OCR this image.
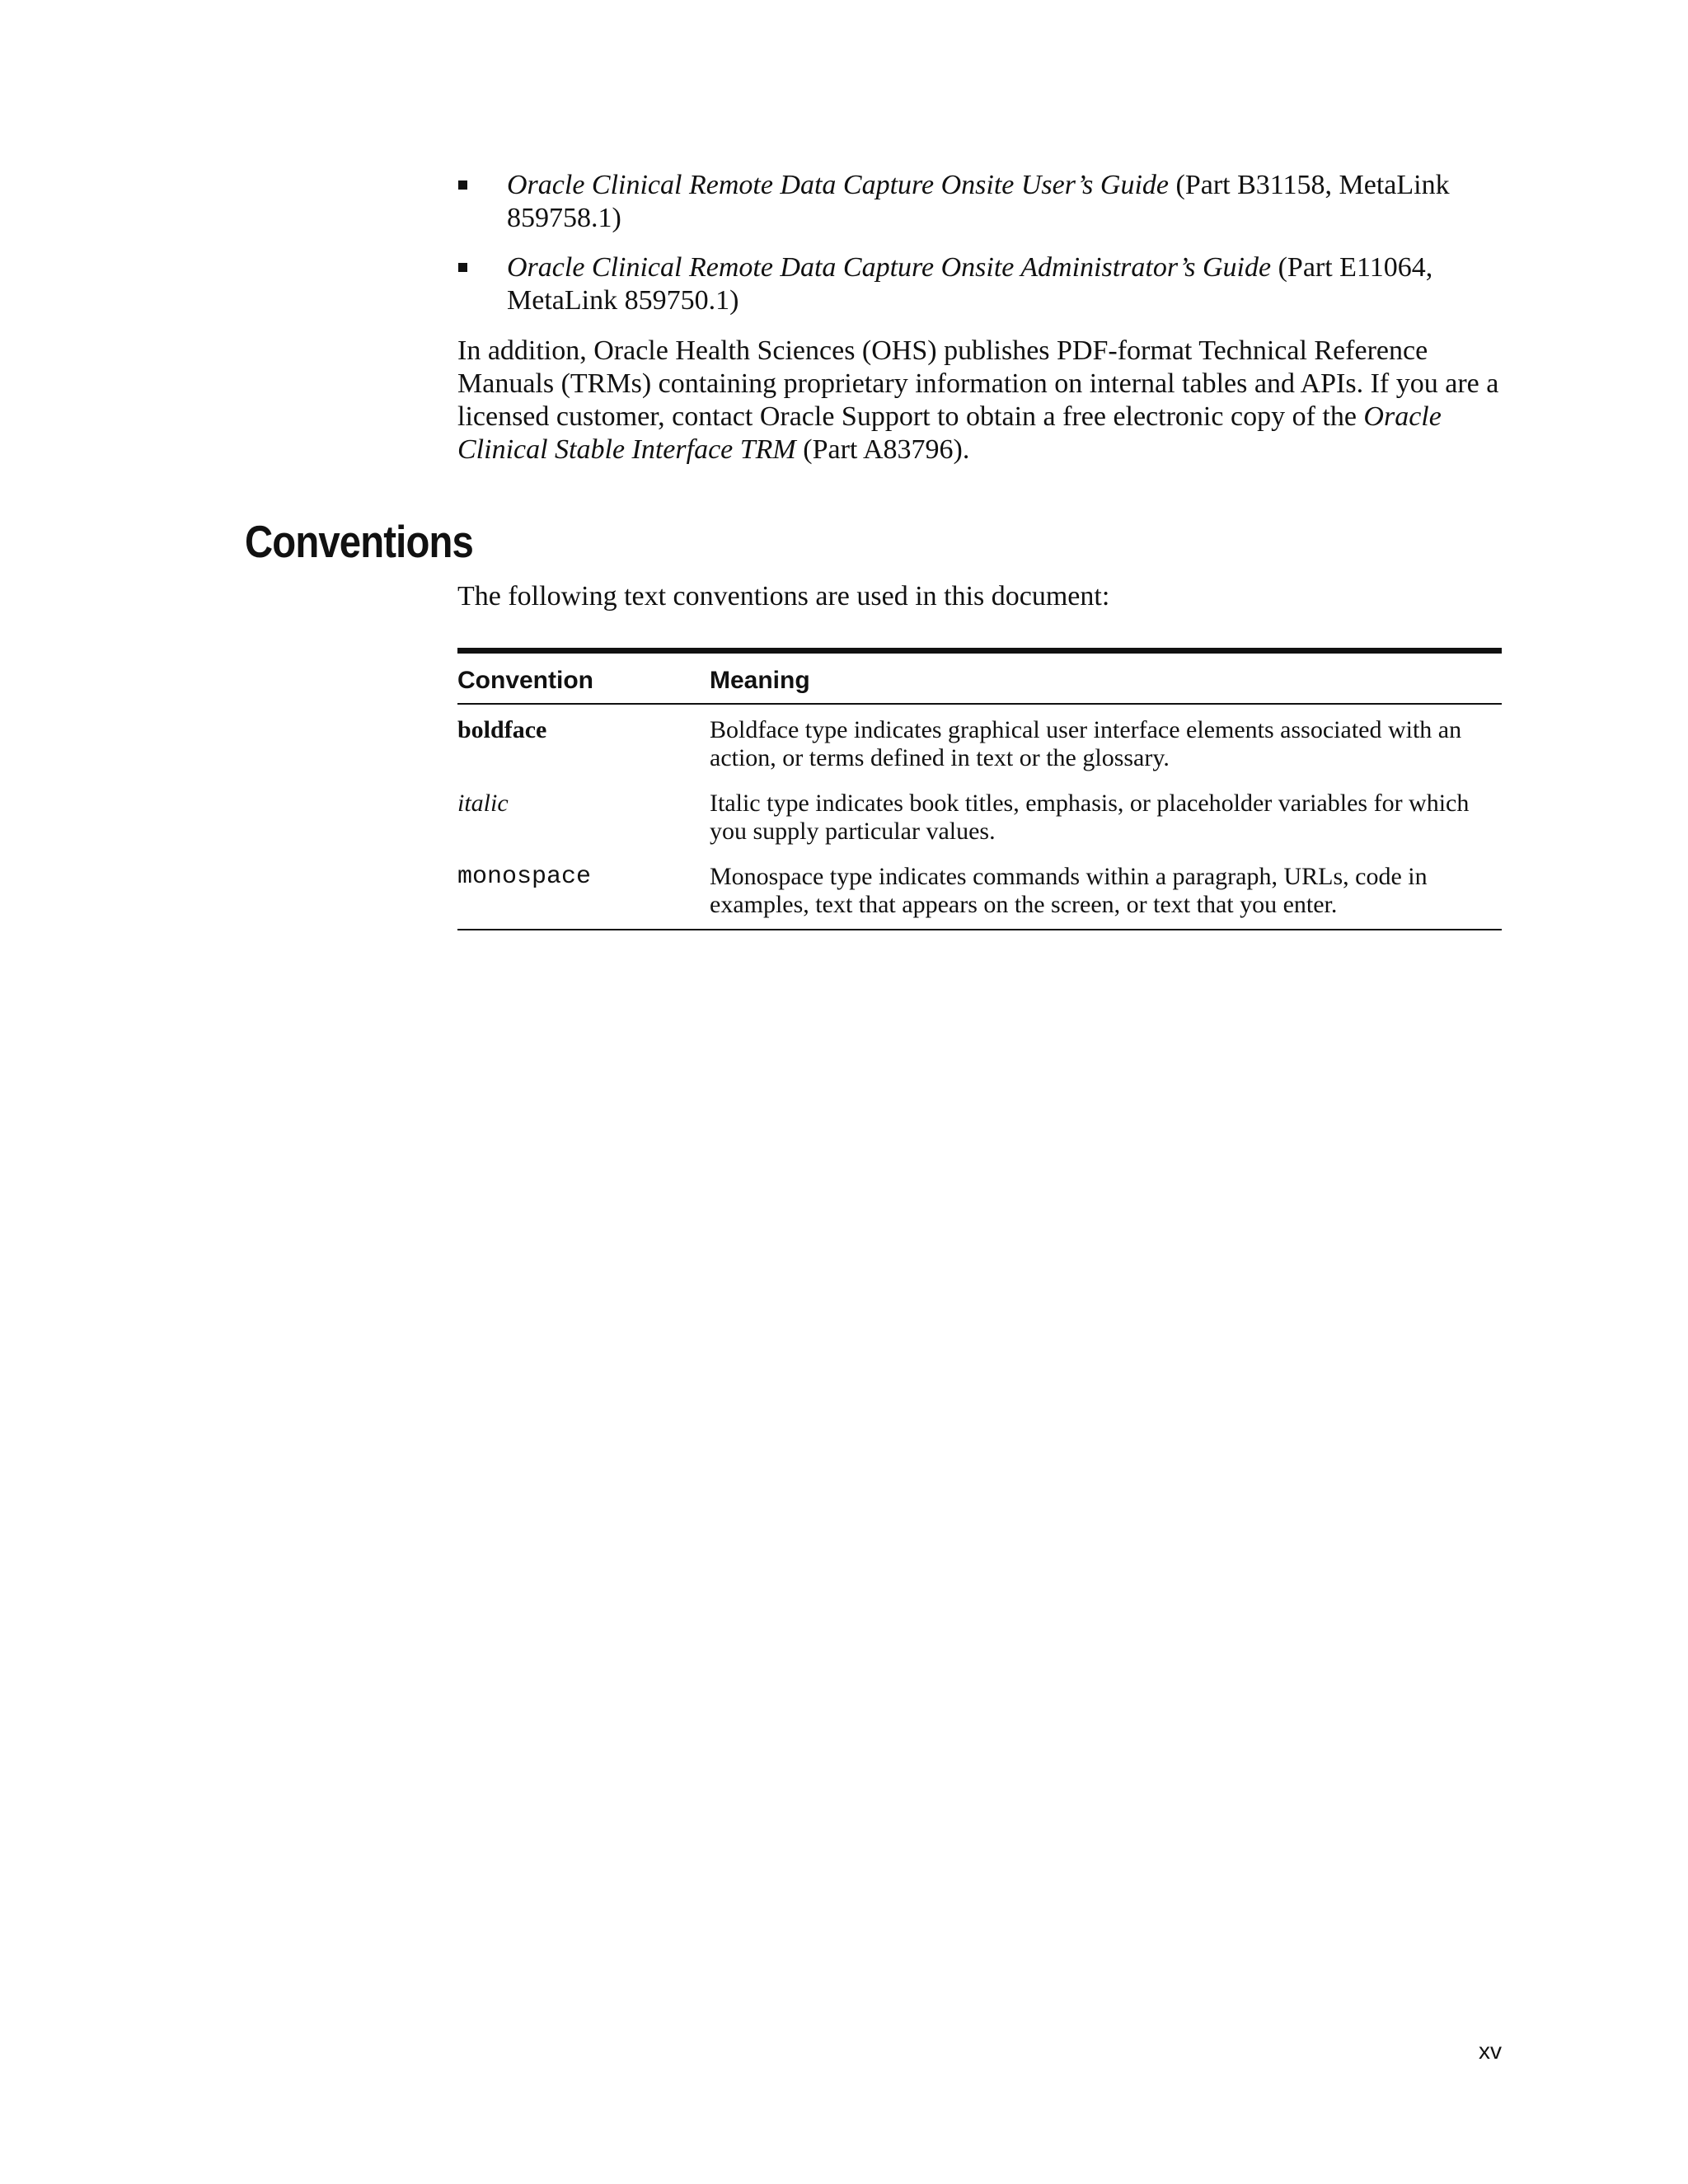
Oracle Clinical Remote Data Capture Onsite User’s Guide (Part B31158, MetaLink 859758.1)
Oracle Clinical Remote Data Capture Onsite Administrator’s Guide (Part E11064, MetaLink 859750.1)

In addition, Oracle Health Sciences (OHS) publishes PDF-format Technical Reference Manuals (TRMs) containing proprietary information on internal tables and APIs. If you are a licensed customer, contact Oracle Support to obtain a free electronic copy of the Oracle Clinical Stable Interface TRM (Part A83796).

Conventions

The following text conventions are used in this document:

Convention	Meaning
boldface	Boldface type indicates graphical user interface elements associated with an action, or terms defined in text or the glossary.
italic	Italic type indicates book titles, emphasis, or placeholder variables for which you supply particular values.
monospace	Monospace type indicates commands within a paragraph, URLs, code in examples, text that appears on the screen, or text that you enter.
xv
